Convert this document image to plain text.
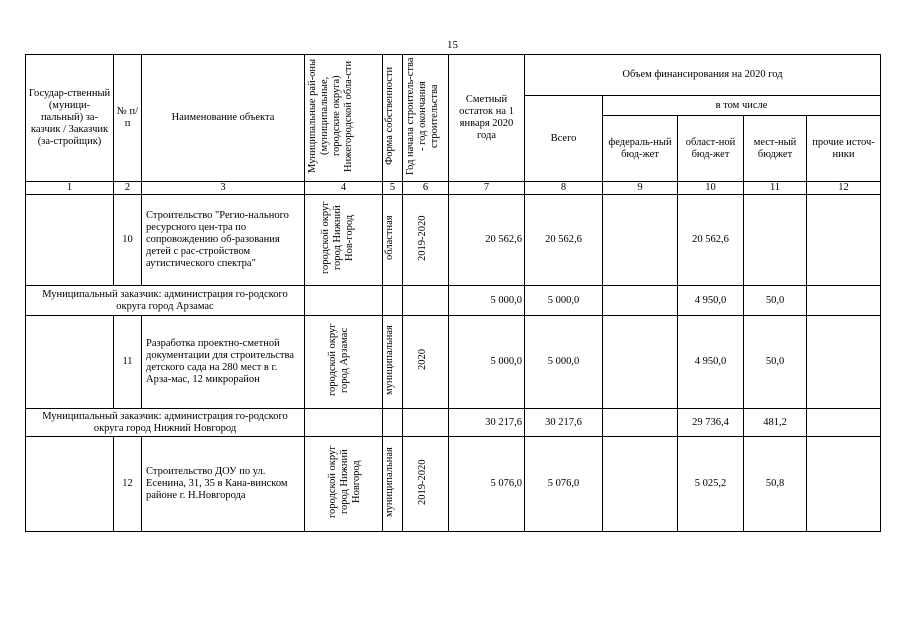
15
Государ-ственный (муници-пальный) за-казчик / Заказчик (за-стройщик)	№ п/п	Наименование объекта	Муниципальные рай-оны (муниципальные, городские округа) Нижегородской обла-сти	Форма собственности	Год начала строитель-ства - год окончания строительства	Сметный остаток на 1 января 2020 года	Объем финансирования на 2020 год				
							Всего	в том числе			
								федераль-ный бюд-жет	област-ной бюд-жет	мест-ный бюджет	прочие источ-ники
1	2	3	4	5	6	7	8	9	10	11	12
	10	Строительство "Регио-нального ресурсного цен-тра по сопровождению об-разования детей с рас-стройством аутистического спектра"	городской округ город Нижний Нов-город	областная	2019-2020	20 562,6	20 562,6		20 562,6		
Муниципальный заказчик: администрация го-родского округа город Арзамас						5 000,0	5 000,0		4 950,0	50,0	
	11	Разработка проектно-сметной документации для строительства детского сада на 280 мест в г. Арза-мас, 12 микрорайон	городской округ город Арзамас	муниципальная	2020	5 000,0	5 000,0		4 950,0	50,0	
Муниципальный заказчик: администрация го-родского округа город Нижний Новгород						30 217,6	30 217,6		29 736,4	481,2	
	12	Строительство ДОУ по ул. Есенина, 31, 35 в Кана-винском районе г. Н.Новгорода	городской округ город Нижний Новгород	муниципальная	2019-2020	5 076,0	5 076,0		5 025,2	50,8	
